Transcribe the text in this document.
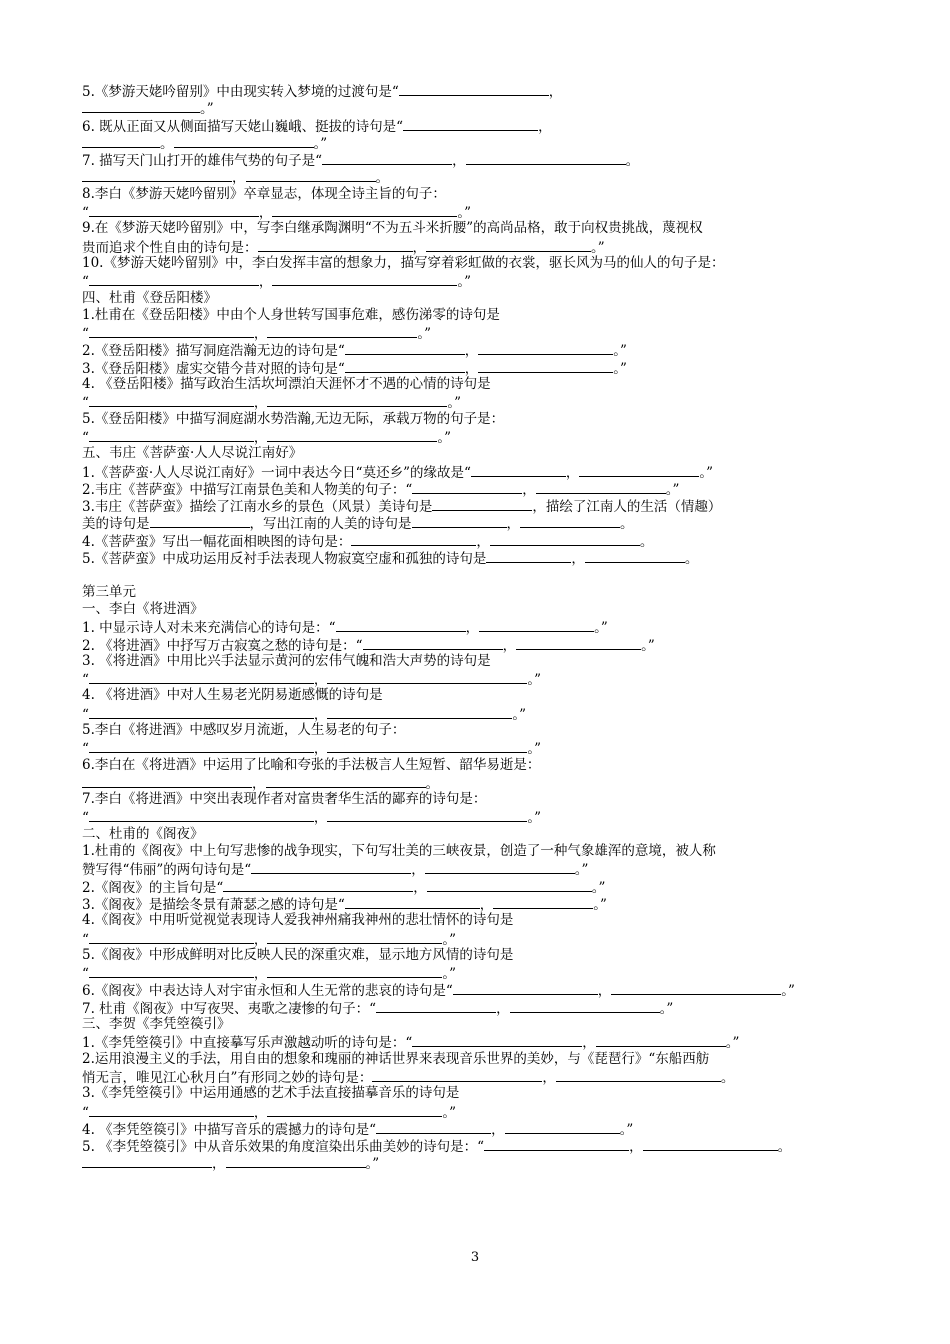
5.《梦游天姥吟留别》中由现实转入梦境的过渡句是“	，
。”
6. 既从正面又从侧面描写天姥山巍峨、挺拔的诗句是“	，
。	。”
7. 描写天门山打开的雄伟气势的句子是“	，	。
，	。
8.李白《梦游天姥吟留别》卒章显志，体现全诗主旨的句子：
“	，	。”
9.在《梦游天姥吟留别》中，写李白继承陶渊明“不为五斗米折腰”的高尚品格，敢于向权贵挑战，蔑视权
贵而追求个性自由的诗句是：	，	。”
10.《梦游天姥吟留别》中，李白发挥丰富的想象力，描写穿着彩虹做的衣裳，驱长风为马的仙人的句子是：
“	，	。”
四、杜甫《登岳阳楼》
1.杜甫在《登岳阳楼》中由个人身世转写国事危难，感伤涕零的诗句是
“	，	。”
2.《登岳阳楼》描写洞庭浩瀚无边的诗句是“	，	。”
3.《登岳阳楼》虚实交错今昔对照的诗句是“	，	。”
4. 《登岳阳楼》描写政治生活坎坷漂泊天涯怀才不遇的心情的诗句是
“	，	。”
5.《登岳阳楼》中描写洞庭湖水势浩瀚,无边无际，承载万物的句子是：
“	，	。”
五、韦庄《菩萨蛮·人人尽说江南好》
1.《菩萨蛮·人人尽说江南好》一词中表达今日“莫还乡”的缘故是“	，	。”
2.韦庄《菩萨蛮》中描写江南景色美和人物美的句子：“	，	。”
3.韦庄《菩萨蛮》描绘了江南水乡的景色（风景）美诗句是	，描绘了江南人的生活（情趣）
美的诗句是	，写出江南的人美的诗句是	，	。
4.《菩萨蛮》写出一幅花面相映图的诗句是：	，	。
5.《菩萨蛮》中成功运用反衬手法表现人物寂寞空虚和孤独的诗句是	，	。
第三单元
一、李白《将进酒》
1. 中显示诗人对未来充满信心的诗句是：“	，	。”
2. 《将进酒》中抒写万古寂寞之愁的诗句是：“	，	。”
3. 《将进酒》中用比兴手法显示黄河的宏伟气魄和浩大声势的诗句是
“	，	。”
4. 《将进酒》中对人生易老光阴易逝感慨的诗句是
“	，	。”
5.李白《将进酒》中感叹岁月流逝，人生易老的句子：
“	，	。”
6.李白在《将进酒》中运用了比喻和夸张的手法极言人生短暂、韶华易逝是：
，	。
7.李白《将进酒》中突出表现作者对富贵奢华生活的鄙弃的诗句是：
“	，	。”
二、杜甫的《阁夜》
1.杜甫的《阁夜》中上句写悲惨的战争现实，下句写壮美的三峡夜景，创造了一种气象雄浑的意境，被人称
赞写得“伟丽”的两句诗句是“	，	。”
2.《阁夜》的主旨句是“	，	。”
3.《阁夜》是描绘冬景有萧瑟之感的诗句是“	，	。”
4.《阁夜》中用听觉视觉表现诗人爱我神州痛我神州的悲壮情怀的诗句是
“	，	。”
5.《阁夜》中形成鲜明对比反映人民的深重灾难，显示地方风情的诗句是
“	，	。”
6.《阁夜》中表达诗人对宇宙永恒和人生无常的悲哀的诗句是“	，	。”
7. 杜甫《阁夜》中写夜哭、夷歌之凄惨的句子：“	，	。”
三、李贺《李凭箜篌引》
1.《李凭箜篌引》中直接摹写乐声激越动听的诗句是：“	，	。”
2.运用浪漫主义的手法，用自由的想象和瑰丽的神话世界来表现音乐世界的美妙，与《琵琶行》“东船西舫
悄无言，唯见江心秋月白”有形同之妙的诗句是：	，	。
3.《李凭箜篌引》中运用通感的艺术手法直接描摹音乐的诗句是
“	，	。”
4. 《李凭箜篌引》中描写音乐的震撼力的诗句是“	，	。”
5. 《李凭箜篌引》中从音乐效果的角度渲染出乐曲美妙的诗句是：“	，	。
，	。”
3
